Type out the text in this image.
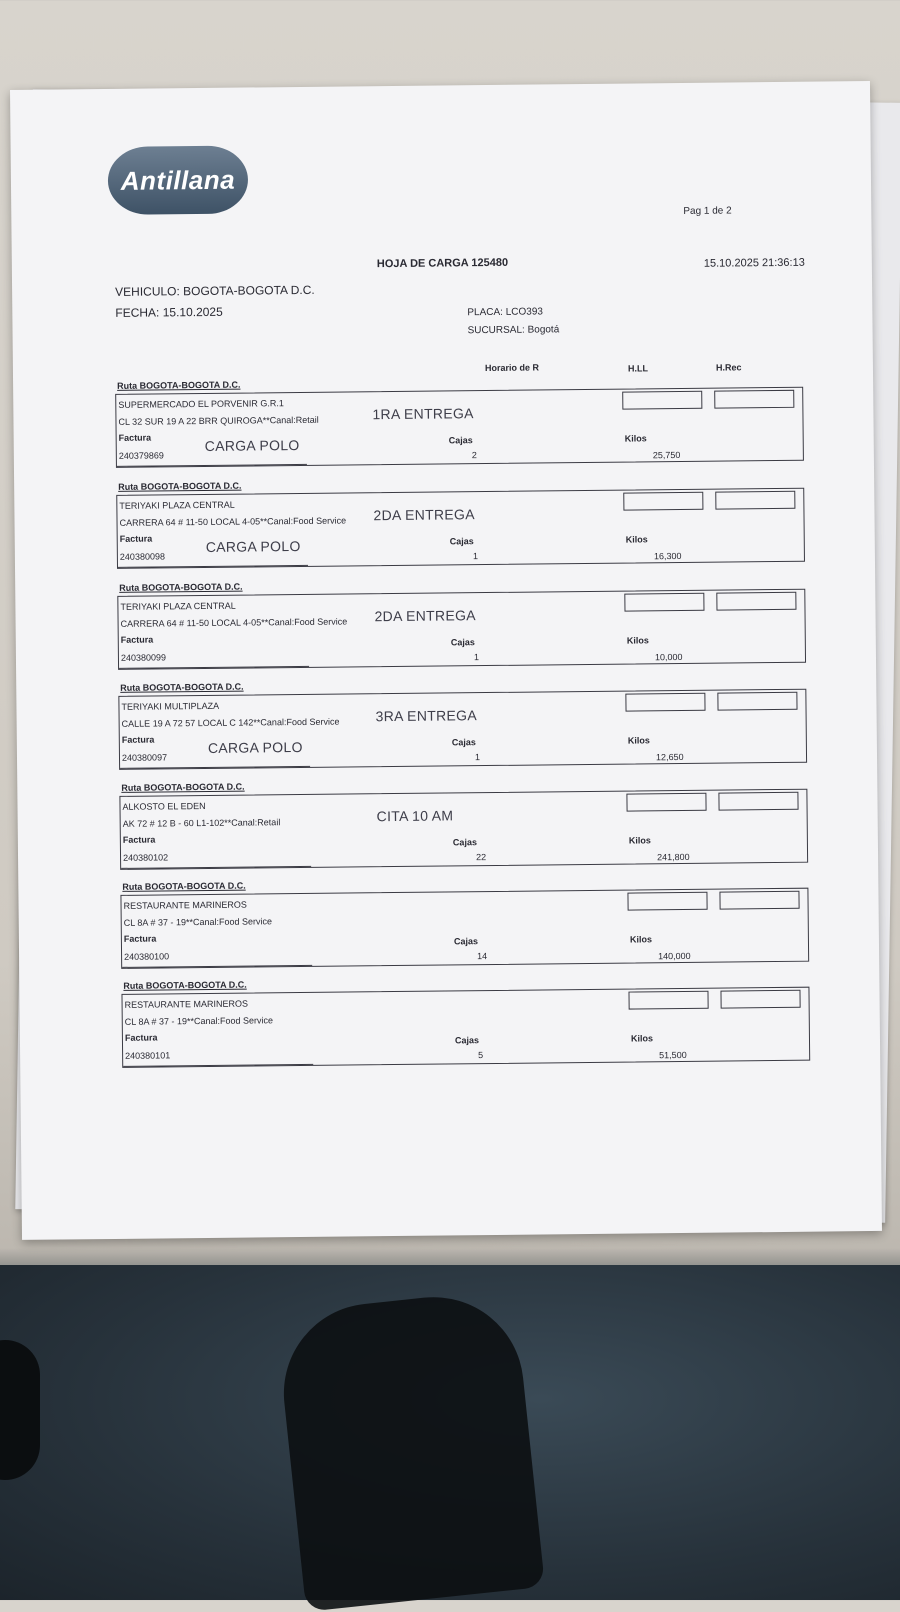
Antillana
Pag 1 de 2
HOJA DE CARGA 125480	15.10.2025 21:36:13
VEHICULO: BOGOTA-BOGOTA D.C.
FECHA: 15.10.2025	PLACA: LCO393
SUCURSAL: Bogotá
Horario de R	H.LL	H.Rec
Ruta BOGOTA-BOGOTA D.C.
SUPERMERCADO EL PORVENIR G.R.1
CL 32 SUR 19 A 22 BRR QUIROGA**Canal:Retail
Factura
240379869
Cajas
2
Kilos
25,750
1RA ENTREGA
CARGA POLO
Ruta BOGOTA-BOGOTA D.C.
TERIYAKI PLAZA CENTRAL
CARRERA 64 # 11-50 LOCAL 4-05**Canal:Food Service
Factura
240380098
Cajas
1
Kilos
16,300
2DA ENTREGA
CARGA POLO
Ruta BOGOTA-BOGOTA D.C.
TERIYAKI PLAZA CENTRAL
CARRERA 64 # 11-50 LOCAL 4-05**Canal:Food Service
Factura
240380099
Cajas
1
Kilos
10,000
2DA ENTREGA
Ruta BOGOTA-BOGOTA D.C.
TERIYAKI MULTIPLAZA
CALLE 19 A 72 57 LOCAL C 142**Canal:Food Service
Factura
240380097
Cajas
1
Kilos
12,650
3RA ENTREGA
CARGA POLO
Ruta BOGOTA-BOGOTA D.C.
ALKOSTO EL EDEN
AK 72 # 12 B - 60 L1-102**Canal:Retail
Factura
240380102
Cajas
22
Kilos
241,800
CITA 10 AM
Ruta BOGOTA-BOGOTA D.C.
RESTAURANTE MARINEROS
CL 8A # 37 - 19**Canal:Food Service
Factura
240380100
Cajas
14
Kilos
140,000
Ruta BOGOTA-BOGOTA D.C.
RESTAURANTE MARINEROS
CL 8A # 37 - 19**Canal:Food Service
Factura
240380101
Cajas
5
Kilos
51,500
